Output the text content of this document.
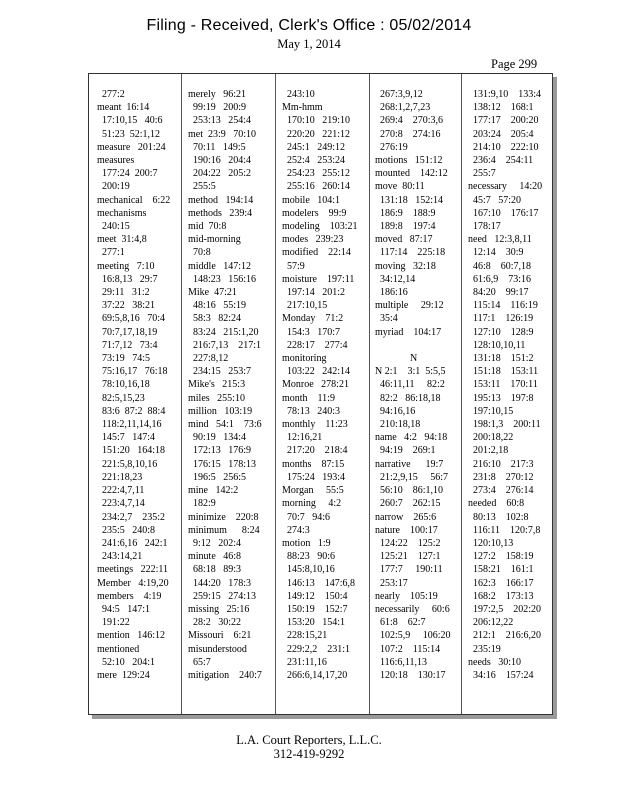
Filing - Received, Clerk's Office : 05/02/2014
May 1, 2014
Page 299
277:2
meant  16:14
17:10,15   40:6
51:23  52:1,12
measure   201:24
measures
177:24  200:7
200:19
mechanical    6:22
mechanisms
240:15
meet  31:4,8
277:1
meeting   7:10
16:8,13   29:7
29:11   31:2
37:22   38:21
69:5,8,16   70:4
70:7,17,18,19
71:7,12   73:4
73:19   74:5
75:16,17   76:18
78:10,16,18
82:5,15,23
83:6  87:2  88:4
118:2,11,14,16
145:7   147:4
151:20   164:18
221:5,8,10,16
221:18,23
222:4,7,11
223:4,7,14
234:2,7    235:2
235:5   240:8
241:6,16   242:1
243:14,21
meetings   222:11
Member   4:19,20
members    4:19
94:5   147:1
191:22
mention   146:12
mentioned
52:10   204:1
mere  129:24
merely   96:21
99:19   200:9
253:13   254:4
met  23:9   70:10
70:11   149:5
190:16   204:4
204:22   205:2
255:5
method   194:14
methods   239:4
mid  70:8
mid-morning
70:8
middle   147:12
148:23   156:16
Mike  47:21
48:16   55:19
58:3   82:24
83:24   215:1,20
216:7,13    217:1
227:8,12
234:15   253:7
Mike's   215:3
miles   255:10
million   103:19
mind   54:1    73:6
90:19   134:4
172:13   176:9
176:15   178:13
196:5   256:5
mine   142:2
182:9
minimize    220:8
minimum      8:24
9:12   202:4
minute   46:8
68:18   89:3
144:20   178:3
259:15   274:13
missing   25:16
28:2   30:22
Missouri    6:21
misunderstood
65:7
mitigation    240:7
243:10
Mm-hmm
170:10   219:10
220:20   221:12
245:1   249:12
252:4   253:24
254:23   255:12
255:16   260:14
mobile   104:1
modelers    99:9
modeling    103:21
modes   239:23
modified    22:14
57:9
moisture    197:11
197:14   201:2
217:10,15
Monday    71:2
154:3   170:7
228:17    277:4
monitoring
103:22   242:14
Monroe   278:21
month    11:9
78:13   240:3
monthly    11:23
12:16,21
217:20    218:4
months    87:15
175:24   193:4
Morgan     55:5
morning     4:2
70:7   94:6
274:3
motion   1:9
88:23   90:6
145:8,10,16
146:13    147:6,8
149:12    150:4
150:19    152:7
153:20   154:1
228:15,21
229:2,2    231:1
231:11,16
266:6,14,17,20
267:3,9,12
268:1,2,7,23
269:4    270:3,6
270:8    274:16
276:19
motions   151:12
mounted    142:12
move  80:11
131:18   152:14
186:9    188:9
189:8    197:4
moved   87:17
117:14    225:18
moving   32:18
34:12,14
186:16
multiple     29:12
35:4
myriad    104:17

N
N 2:1    3:1  5:5,5
46:11,11     82:2
82:2   86:18,18
94:16,16
210:18,18
name   4:2   94:18
94:19    269:1
narrative      19:7
21:2,9,15     56:7
56:10    86:1,10
260:7    262:15
narrow    265:6
nature    100:17
124:22    125:2
125:21    127:1
177:7     190:11
253:17
nearly    105:19
necessarily     60:6
61:8    62:7
102:5,9     106:20
107:2    115:14
116:6,11,13
120:18    130:17
131:9,10    133:4
138:12    168:1
177:17    200:20
203:24    205:4
214:10    222:10
236:4    254:11
255:7
necessary     14:20
45:7   57:20
167:10    176:17
178:17
need   12:3,8,11
12:14    30:9
46:8    60:7,18
61:6,9    73:16
84:20    99:17
115:14    116:19
117:1    126:19
127:10    128:9
128:10,10,11
131:18    151:2
151:18    153:11
153:11    170:11
195:13    197:8
197:10,15
198:1,3    200:11
200:18,22
201:2,18
216:10    217:3
231:8    270:12
273:4    276:14
needed    60:8
80:13    102:8
116:11    120:7,8
120:10,13
127:2    158:19
158:21    161:1
162:3    166:17
168:2    173:13
197:2,5    202:20
206:12,22
212:1    216:6,20
235:19
needs   30:10
34:16    157:24
L.A. Court Reporters, L.L.C.
312-419-9292
